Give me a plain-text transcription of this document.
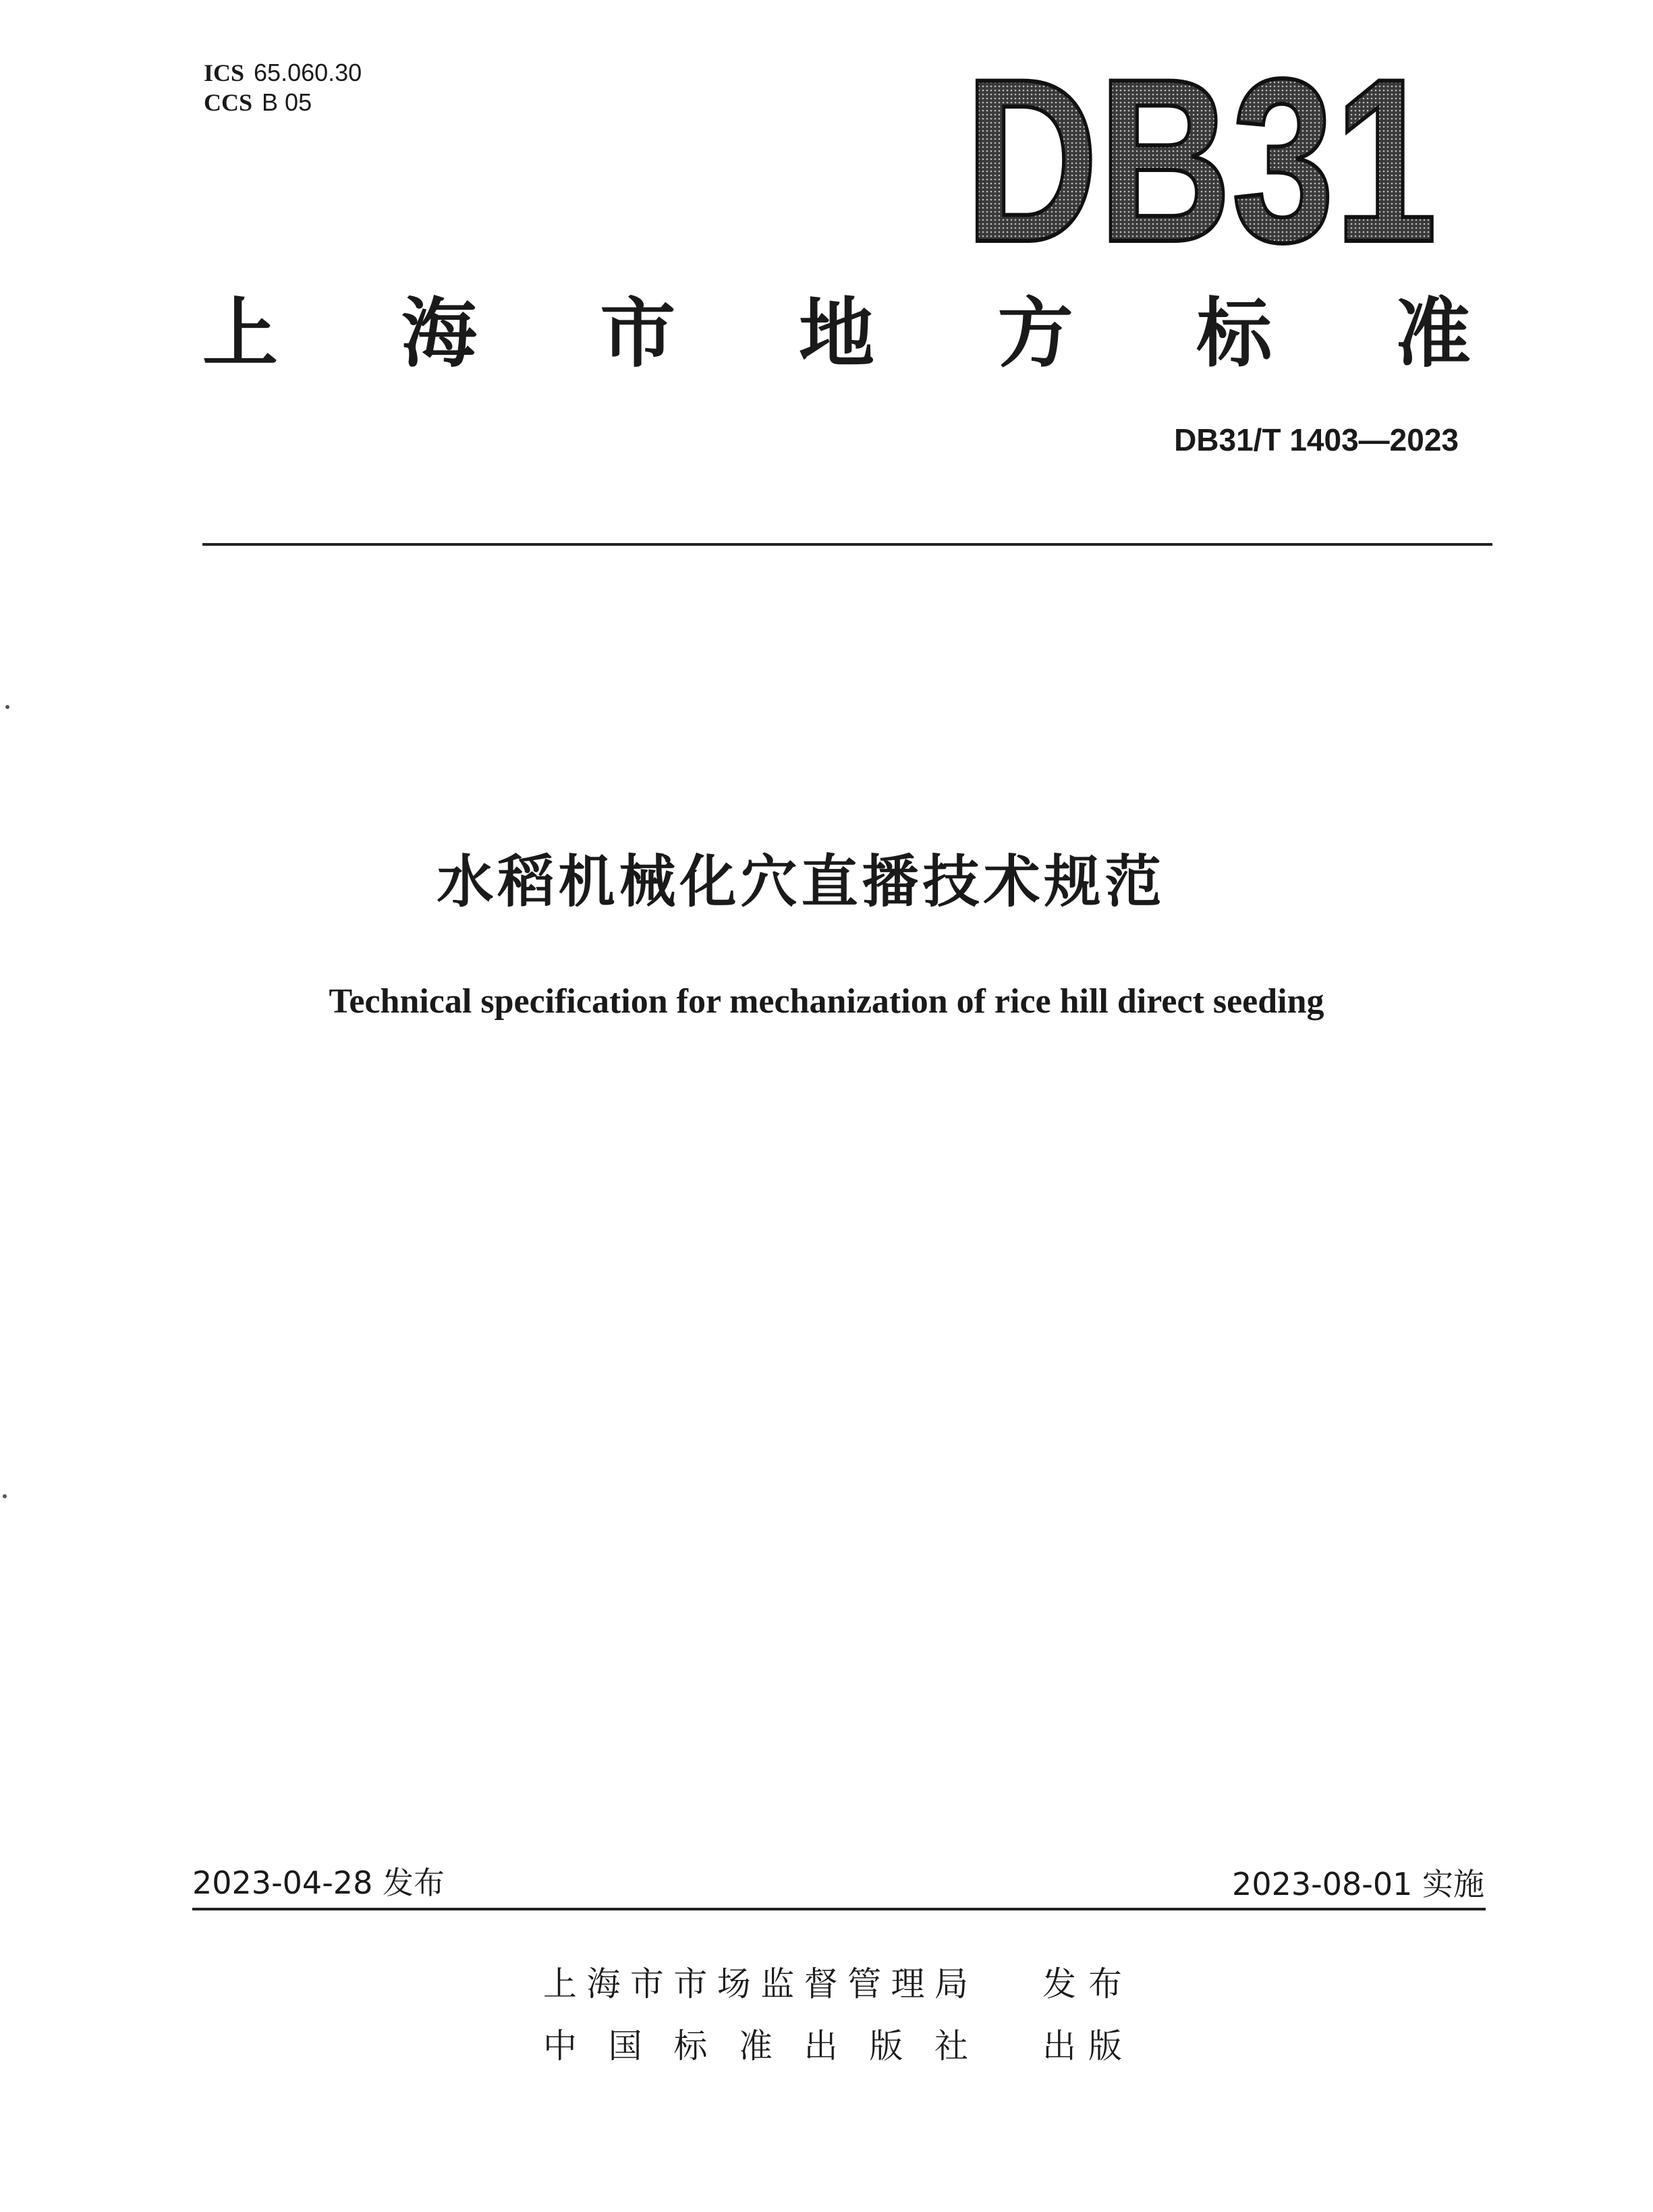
ICS 65.060.30
CCS B 05	DB31
上 海 市 地 方 标 准
DB31/T 1403—2023
水稻机械化穴直播技术规范
Technical specification for mechanization of rice hill direct seeding
2023-04-28 发布	2023-08-01 实施
上海市市场监督管理局 发布
中国标准出版社 出版
